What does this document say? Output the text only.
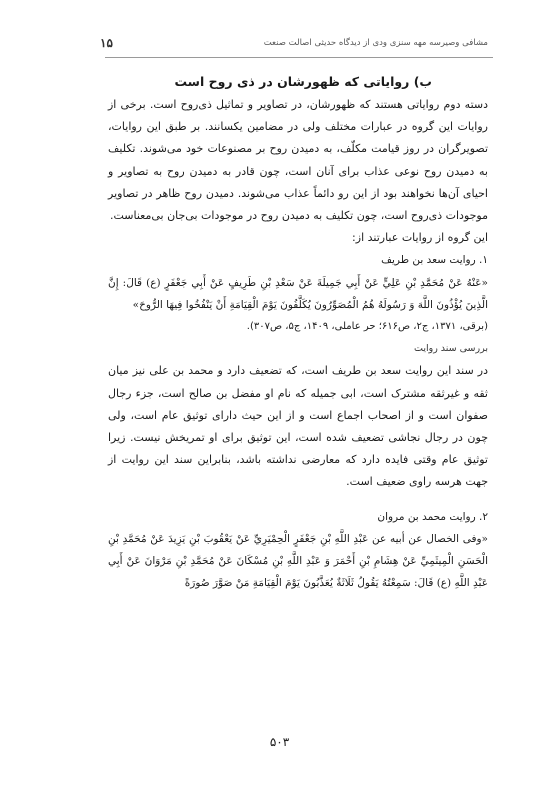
مشافی وصیرسه مهه سنزی ودی از دیدگاه حدیثی اصالت صنعت
۱۵

ب) روایاتی که ظهورشان در ذی روح است

دسته دوم روایاتی هستند که ظهورشان، در تصاویر و تماثیل ذی‌روح است. برخی از روایات این گروه در عبارات مختلف ولی در مضامین یکسانند. بر طبق این روایات، تصویرگران در روز قیامت مکلّف، به دمیدن روح بر مصنوعات خود می‌شوند. تکلیف به دمیدن روح نوعی عذاب برای آنان است، چون قادر به دمیدن روح به تصاویر و احیای آن‌ها نخواهند بود از این رو دائماً عذاب می‌شوند. دمیدن روح ظاهر در تصاویر موجودات ذی‌روح است، چون تکلیف به دمیدن روح در موجودات بی‌جان بی‌معناست.

این گروه از روایات عبارتند از:

۱. روایت سعد بن طریف

«عَنْهُ عَنْ مُحَمَّدِ بْنِ عَلِيٍّ عَنْ أَبِي جَمِيلَةَ عَنْ سَعْدِ بْنِ طَرِيفٍ عَنْ أَبِي جَعْفَرٍ (ع) قَالَ: إِنَّ الَّذِينَ يُؤْذُونَ اللَّهَ وَ رَسُولَهُ هُمُ الْمُصَوِّرُونَ يُكَلَّفُونَ يَوْمَ الْقِيَامَةِ أَنْ يَنْفُخُوا فِيهَا الرُّوحَ»

(برقی، ۱۳۷۱، ج۲، ص۶۱۶؛ حر عاملی، ۱۴۰۹، ج۵، ص۳۰۷).

بررسی سند روایت

در سند این روایت سعد بن طریف است، که تضعیف دارد و محمد بن علی نیز میان ثقه و غیرثقه مشترک است، ابی جمیله که نام او مفضل بن صالح است، جزء رجال صفوان است و از اصحاب اجماع است و از این حیث دارای توثیق عام است، ولی چون در رجال نجاشی تضعیف شده است، این توثیق برای او تمریخش نیست. زیرا توثیق عام وقتی فایده دارد که معارضی نداشته باشد، بنابراین سند این روایت از جهت هرسه راوی ضعیف است.

۲. روایت محمد بن مروان

«وفی الخصال عن أبیه عن عَبْدِ اللَّهِ بْنِ جَعْفَرٍ الْحِمْيَرِيِّ عَنْ يَعْقُوبَ بْنِ يَزِيدَ عَنْ مُحَمَّدِ بْنِ الْحَسَنِ الْمِيثَمِيِّ عَنْ هِشَامِ بْنِ أَحْمَرَ وَ عَبْدِ اللَّهِ بْنِ مُسْكَانَ عَنْ مُحَمَّدِ بْنِ مَرْوَانَ عَنْ أَبِي عَبْدِ اللَّهِ (ع) قَالَ: سَمِعْتُهُ يَقُولُ ثَلَاثَةٌ يُعَذَّبُونَ يَوْمَ الْقِيَامَةِ مَنْ صَوَّرَ صُورَةً

۵۰۳
